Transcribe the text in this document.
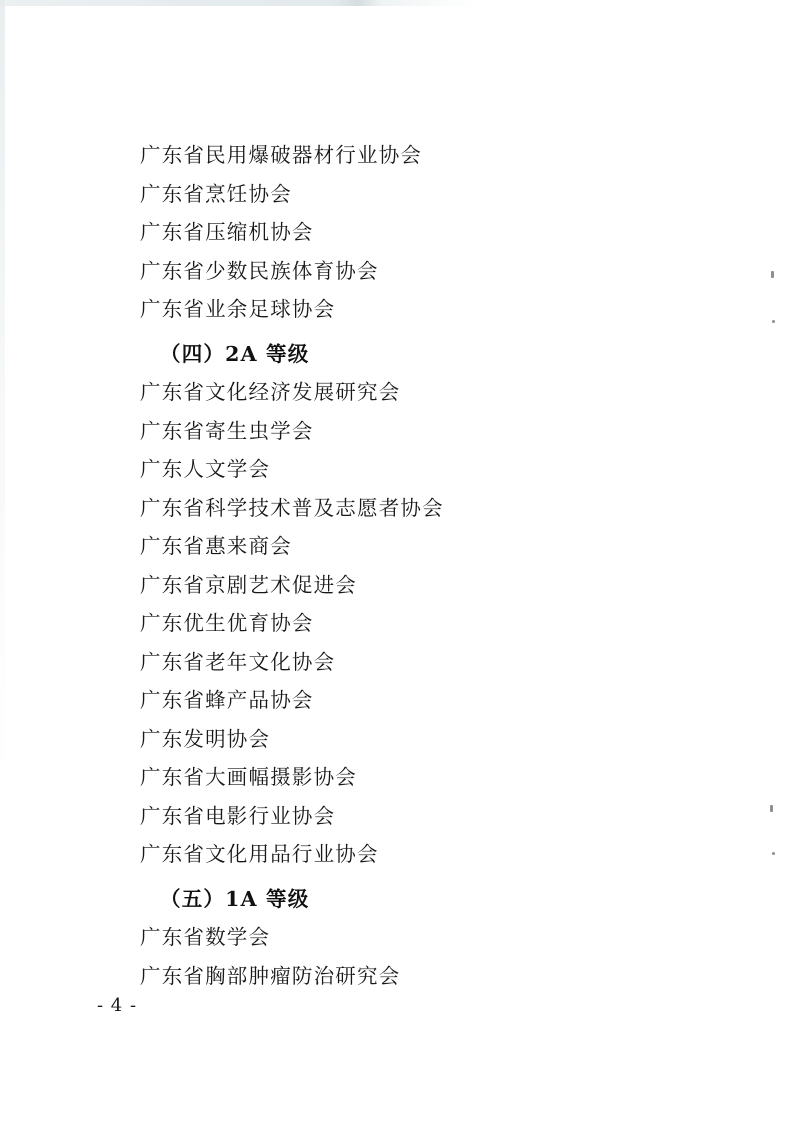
广东省民用爆破器材行业协会
广东省烹饪协会
广东省压缩机协会
广东省少数民族体育协会
广东省业余足球协会
（四）2A 等级
广东省文化经济发展研究会
广东省寄生虫学会
广东人文学会
广东省科学技术普及志愿者协会
广东省惠来商会
广东省京剧艺术促进会
广东优生优育协会
广东省老年文化协会
广东省蜂产品协会
广东发明协会
广东省大画幅摄影协会
广东省电影行业协会
广东省文化用品行业协会
（五）1A 等级
广东省数学会
广东省胸部肿瘤防治研究会
- 4 -
